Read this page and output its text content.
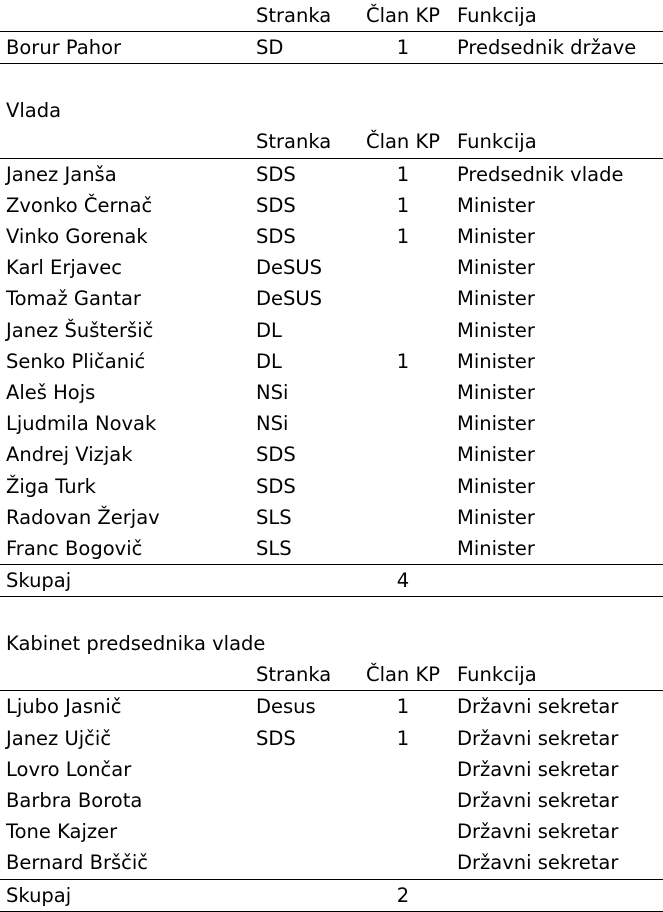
	Stranka	Član KP	Funkcija
Borur Pahor	SD	1	Predsednik države

Vlada			
	Stranka	Član KP	Funkcija
Janez Janša	SDS	1	Predsednik vlade
Zvonko Černač	SDS	1	Minister
Vinko Gorenak	SDS	1	Minister
Karl Erjavec	DeSUS		Minister
Tomaž Gantar	DeSUS		Minister
Janez Šušteršič	DL		Minister
Senko Pličanić	DL	1	Minister
Aleš Hojs	NSi		Minister
Ljudmila Novak	NSi		Minister
Andrej Vizjak	SDS		Minister
Žiga Turk	SDS		Minister
Radovan Žerjav	SLS		Minister
Franc Bogovič	SLS		Minister
Skupaj		4	

Kabinet predsednika vlade			
	Stranka	Član KP	Funkcija
Ljubo Jasnič	Desus	1	Državni sekretar
Janez Ujčič	SDS	1	Državni sekretar
Lovro Lončar			Državni sekretar
Barbra Borota			Državni sekretar
Tone Kajzer			Državni sekretar
Bernard Brščič			Državni sekretar
Skupaj		2	
